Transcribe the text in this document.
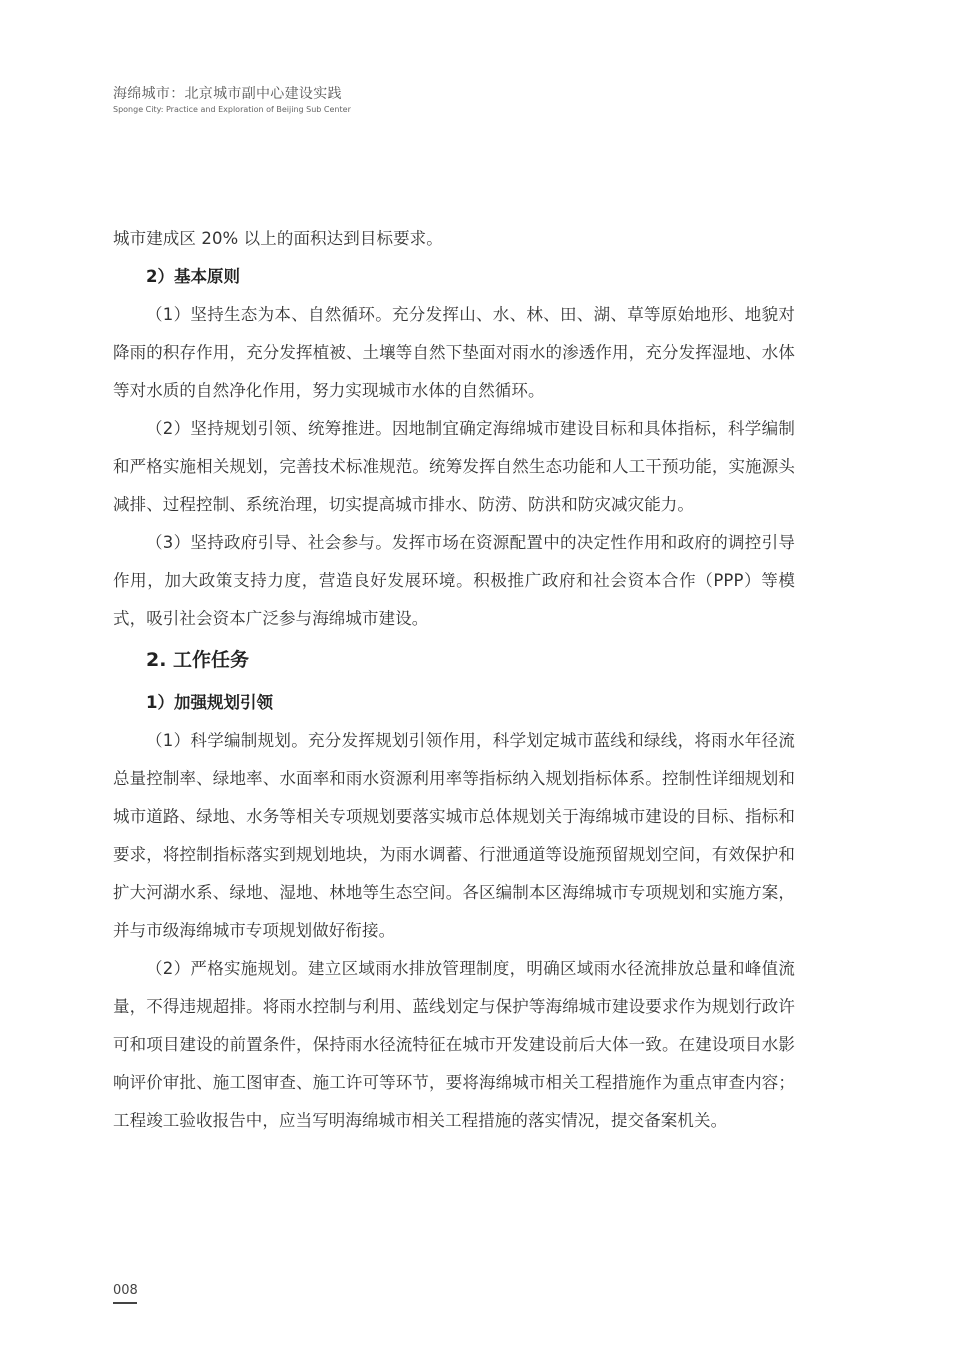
海绵城市：北京城市副中心建设实践
Sponge City: Practice and Exploration of Beijing Sub Center

城市建成区 20% 以上的面积达到目标要求。

2）基本原则

（1）坚持生态为本、自然循环。充分发挥山、水、林、田、湖、草等原始地形、地貌对降雨的积存作用，充分发挥植被、土壤等自然下垫面对雨水的渗透作用，充分发挥湿地、水体等对水质的自然净化作用，努力实现城市水体的自然循环。

（2）坚持规划引领、统筹推进。因地制宜确定海绵城市建设目标和具体指标，科学编制和严格实施相关规划，完善技术标准规范。统筹发挥自然生态功能和人工干预功能，实施源头减排、过程控制、系统治理，切实提高城市排水、防涝、防洪和防灾减灾能力。

（3）坚持政府引导、社会参与。发挥市场在资源配置中的决定性作用和政府的调控引导作用，加大政策支持力度，营造良好发展环境。积极推广政府和社会资本合作（PPP）等模式，吸引社会资本广泛参与海绵城市建设。

2. 工作任务

1）加强规划引领

（1）科学编制规划。充分发挥规划引领作用，科学划定城市蓝线和绿线，将雨水年径流总量控制率、绿地率、水面率和雨水资源利用率等指标纳入规划指标体系。控制性详细规划和城市道路、绿地、水务等相关专项规划要落实城市总体规划关于海绵城市建设的目标、指标和要求，将控制指标落实到规划地块，为雨水调蓄、行泄通道等设施预留规划空间，有效保护和扩大河湖水系、绿地、湿地、林地等生态空间。各区编制本区海绵城市专项规划和实施方案，并与市级海绵城市专项规划做好衔接。

（2）严格实施规划。建立区域雨水排放管理制度，明确区域雨水径流排放总量和峰值流量，不得违规超排。将雨水控制与利用、蓝线划定与保护等海绵城市建设要求作为规划行政许可和项目建设的前置条件，保持雨水径流特征在城市开发建设前后大体一致。在建设项目水影响评价审批、施工图审查、施工许可等环节，要将海绵城市相关工程措施作为重点审查内容；工程竣工验收报告中，应当写明海绵城市相关工程措施的落实情况，提交备案机关。

008
